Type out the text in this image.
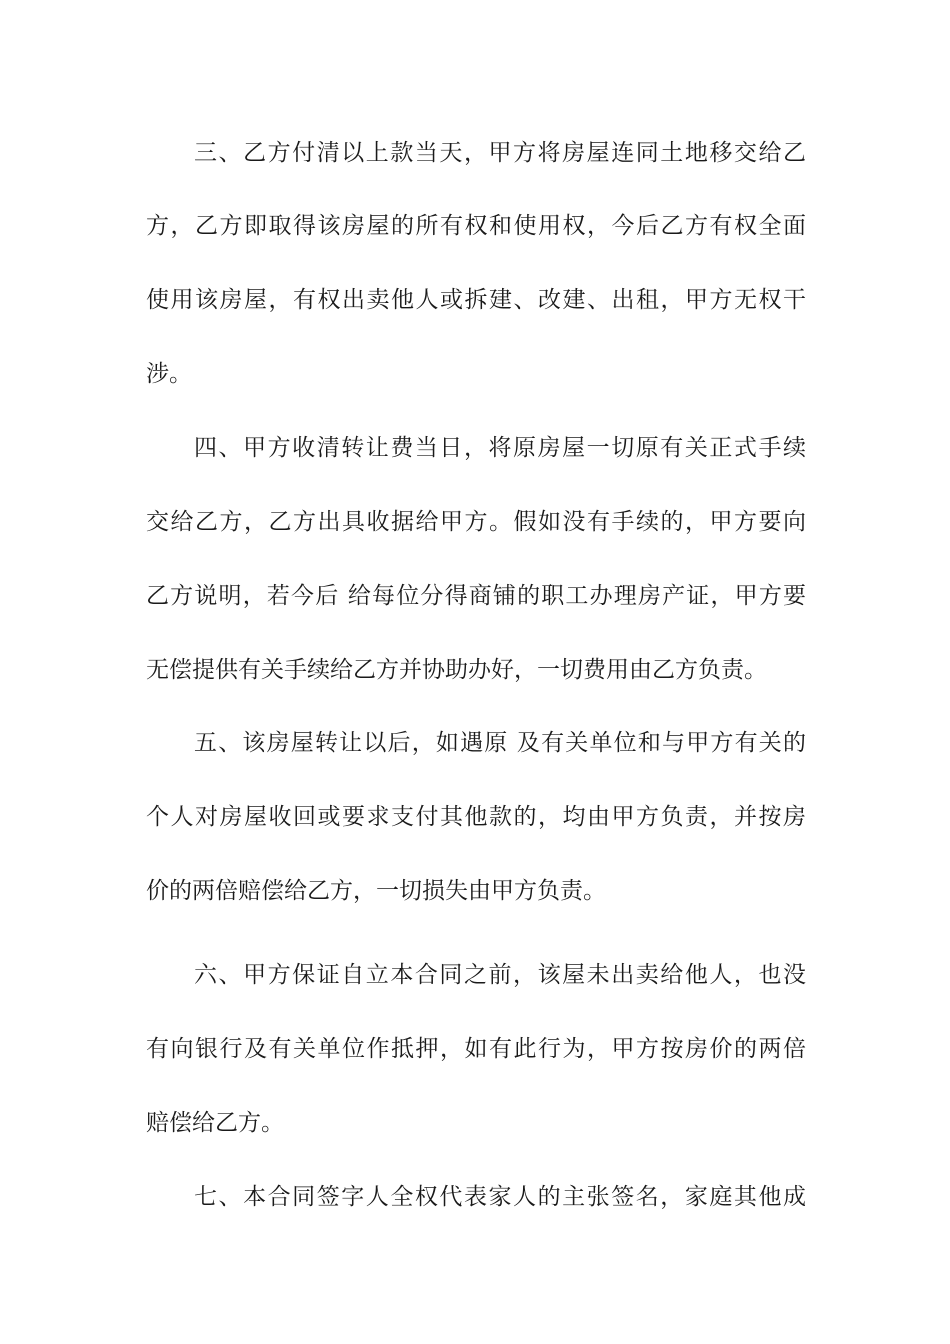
三、乙方付清以上款当天，甲方将房屋连同土地移交给乙
方，乙方即取得该房屋的所有权和使用权，今后乙方有权全面
使用该房屋，有权出卖他人或拆建、改建、出租，甲方无权干
涉。
四、甲方收清转让费当日，将原房屋一切原有关正式手续
交给乙方，乙方出具收据给甲方。假如没有手续的，甲方要向
乙方说明，若今后 给每位分得商铺的职工办理房产证，甲方要
无偿提供有关手续给乙方并协助办好，一切费用由乙方负责。
五、该房屋转让以后，如遇原 及有关单位和与甲方有关的
个人对房屋收回或要求支付其他款的，均由甲方负责，并按房
价的两倍赔偿给乙方，一切损失由甲方负责。
六、甲方保证自立本合同之前，该屋未出卖给他人，也没
有向银行及有关单位作抵押，如有此行为，甲方按房价的两倍
赔偿给乙方。
七、本合同签字人全权代表家人的主张签名，家庭其他成
